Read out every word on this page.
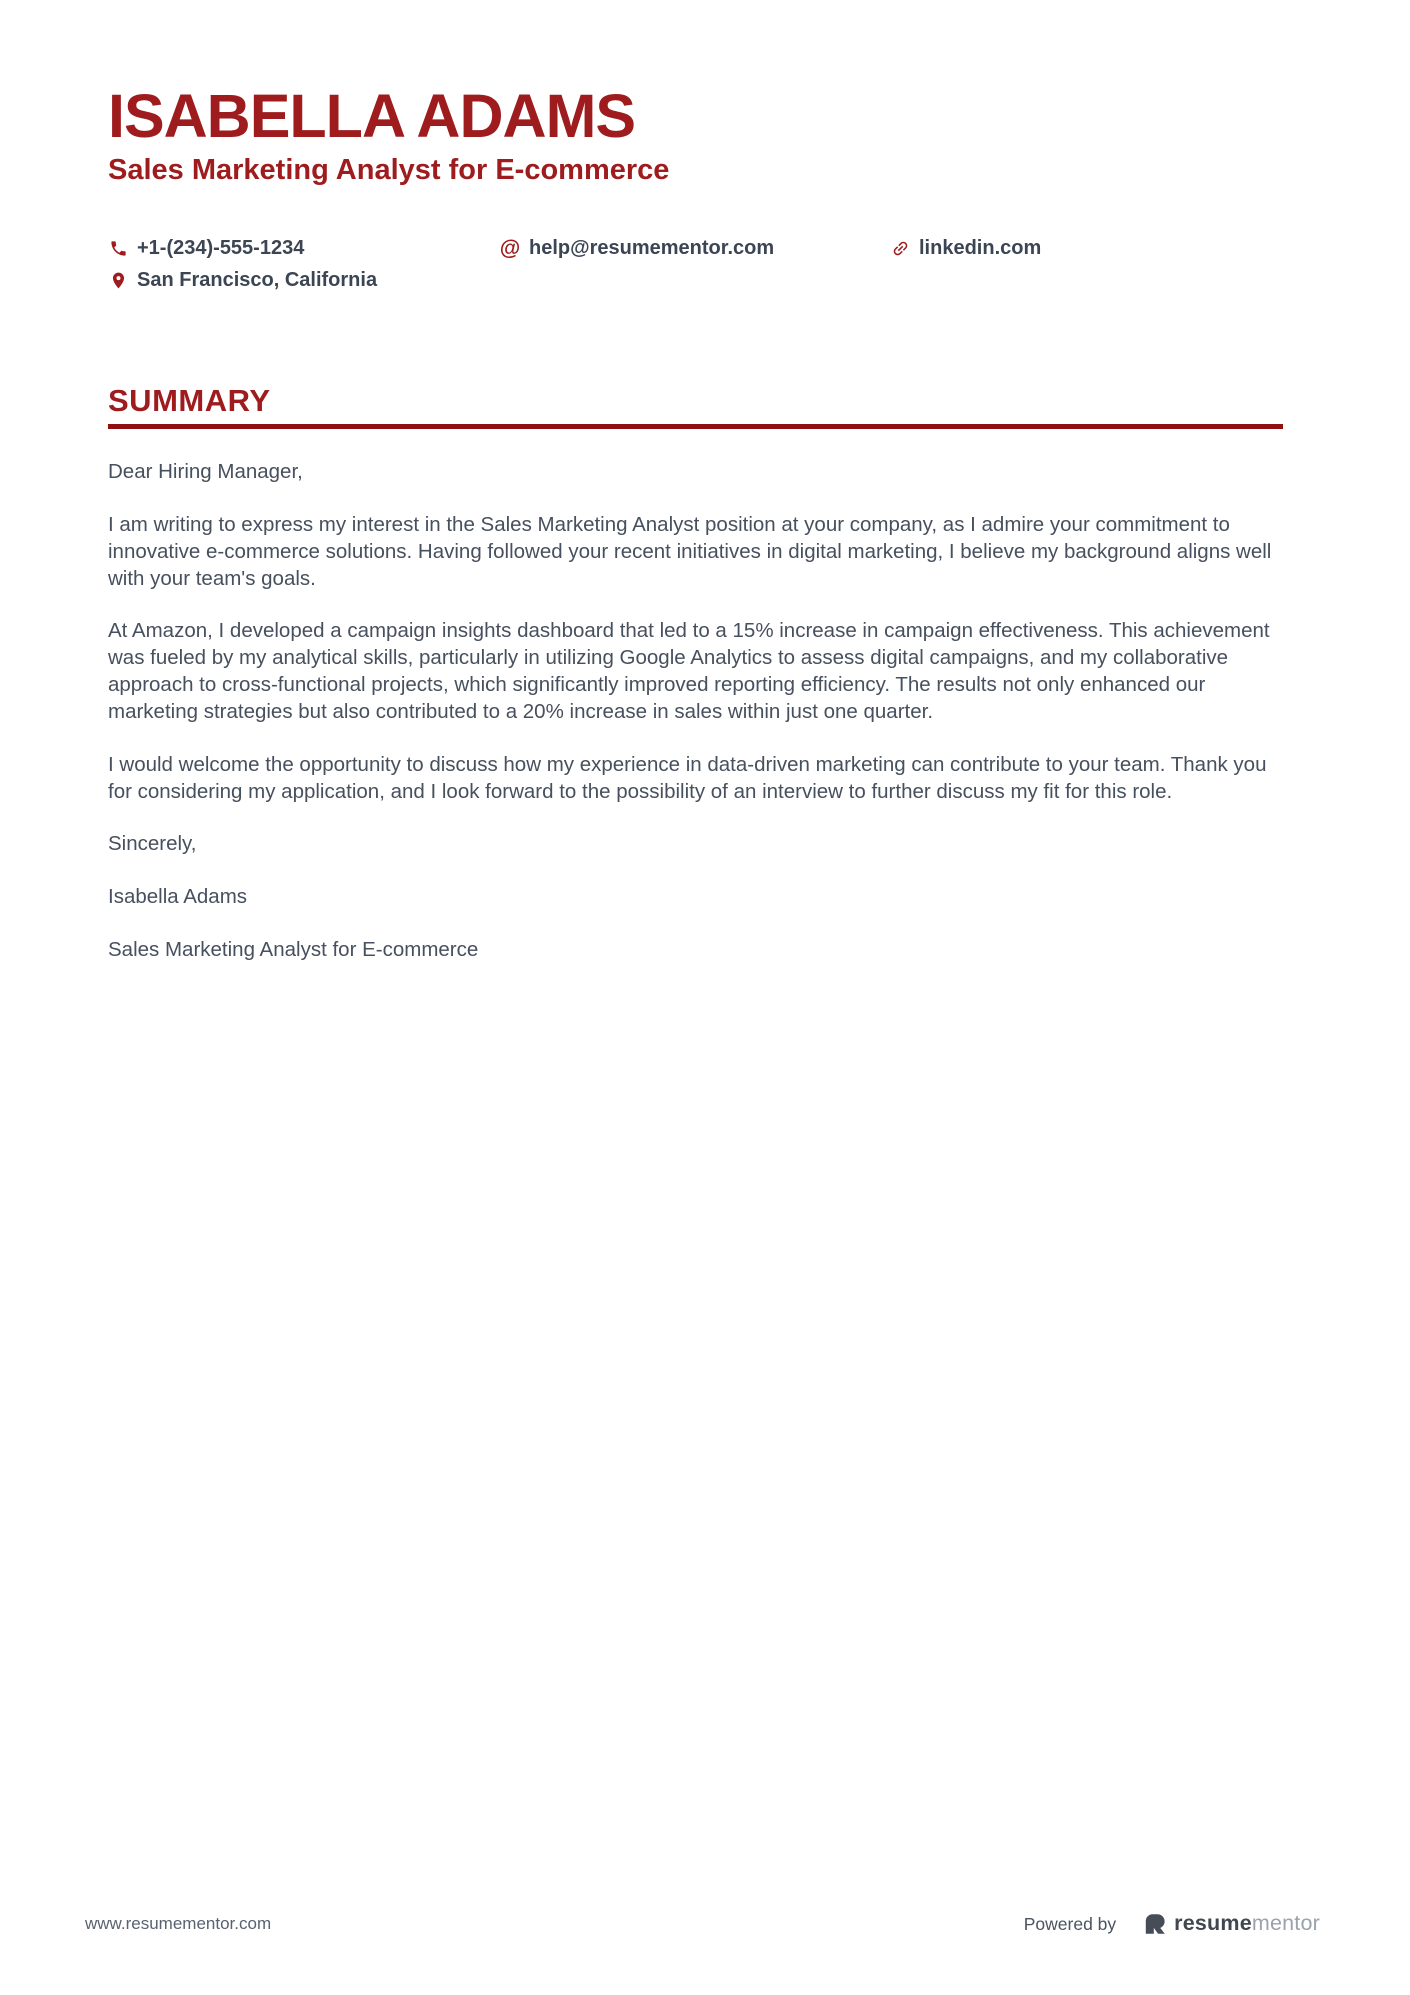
ISABELLA ADAMS
Sales Marketing Analyst for E-commerce
+1-(234)-555-1234	@ help@resumementor.com	linkedin.com
San Francisco, California
SUMMARY

Dear Hiring Manager,

I am writing to express my interest in the Sales Marketing Analyst position at your company, as I admire your commitment to innovative e-commerce solutions. Having followed your recent initiatives in digital marketing, I believe my background aligns well with your team's goals.

At Amazon, I developed a campaign insights dashboard that led to a 15% increase in campaign effectiveness. This achievement was fueled by my analytical skills, particularly in utilizing Google Analytics to assess digital campaigns, and my collaborative approach to cross-functional projects, which significantly improved reporting efficiency. The results not only enhanced our marketing strategies but also contributed to a 20% increase in sales within just one quarter.

I would welcome the opportunity to discuss how my experience in data-driven marketing can contribute to your team. Thank you for considering my application, and I look forward to the possibility of an interview to further discuss my fit for this role.

Sincerely,

Isabella Adams

Sales Marketing Analyst for E-commerce

www.resumementor.com	Powered by	resumementor
